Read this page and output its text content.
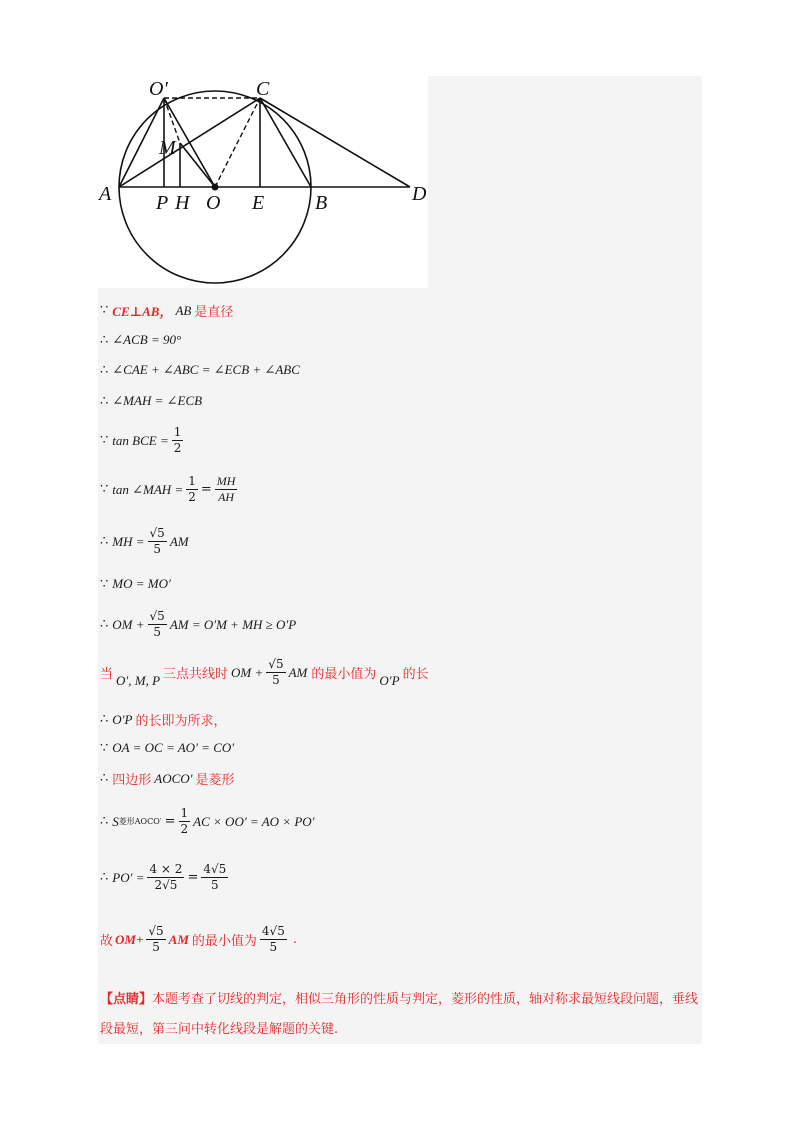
O′	C
M
A P H O E	B	D
∵ CE⊥AB， AB 是直径
∴ ∠ACB = 90°
∴ ∠CAE + ∠ABC = ∠ECB + ∠ABC
∴ ∠MAH = ∠ECB
∵ tan BCE = $\frac{1}{2}$
∵ tan ∠MAH = $\frac{1}{2} = \frac{MH}{AH}$
∴ MH = $\frac{√5}{5}$ AM
∵ MO = MO′
∴ OM + $\frac{√5}{5}$ AM = O′M + MH ≥ O′P
当 O′, M, P 三点共线时 OM + $\frac{√5}{5}$ AM 的最小值为 O′P 的长
∴ O′P 的长即为所求，
∵ OA = OC = AO′ = CO′
∴ 四边形 AOCO′ 是菱形
∴ S 菱形AOCO′ = $\frac{1}{2}$ AC × OO′ = AO × PO′
∴ $PO' = \frac{4 \times 2}{2√5} = \frac{4√5}{5}$
故 $OM+ \frac{√5}{5}$ AM 的最小值为 $\frac{4√5}{5}$ .
【点睛】本题考查了切线的判定，相似三角形的性质与判定，菱形的性质，轴对称求最短线段问题，垂线段最短，第三问中转化线段是解题的关键.
